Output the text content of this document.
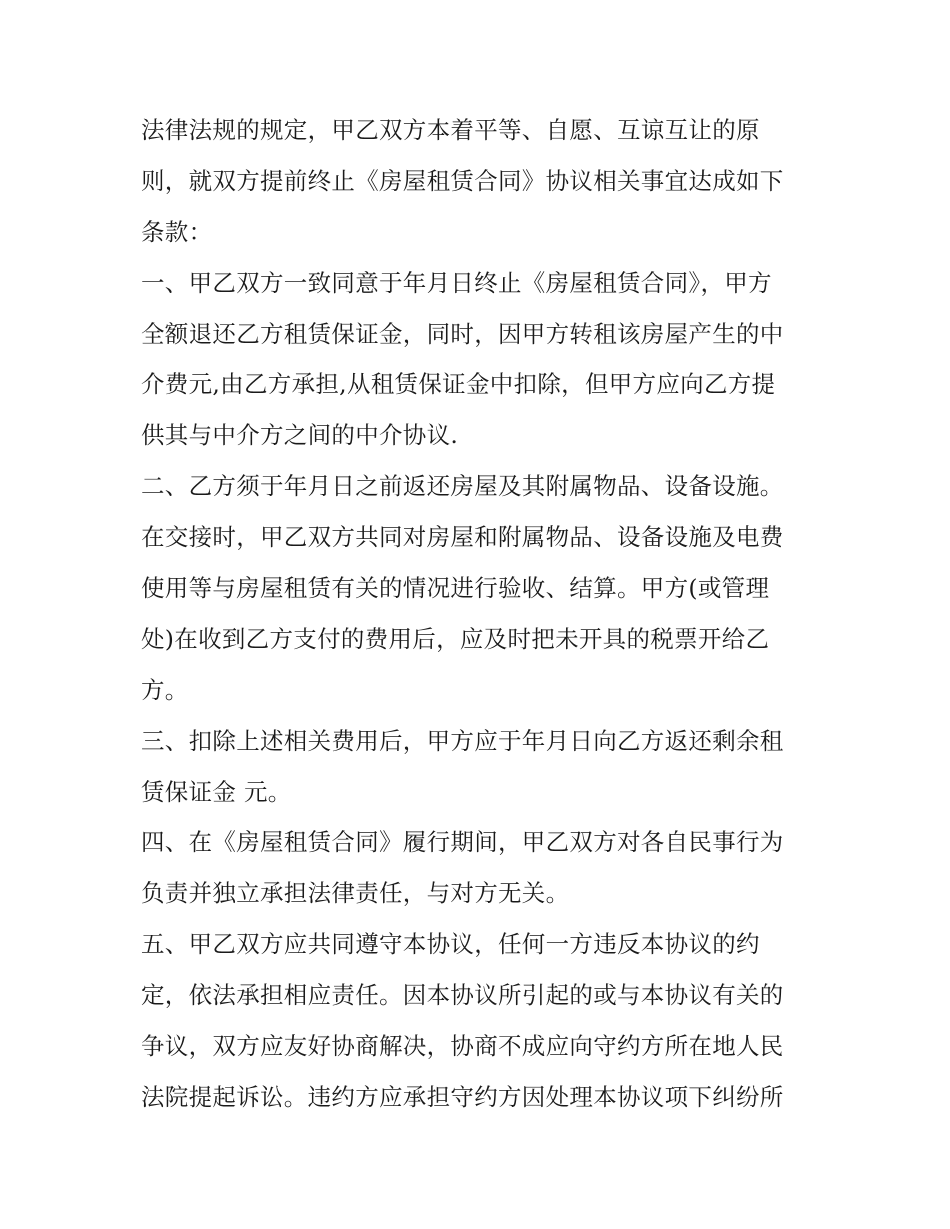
法律法规的规定，甲乙双方本着平等、自愿、互谅互让的原
则，就双方提前终止《房屋租赁合同》协议相关事宜达成如下
条款：
一、甲乙双方一致同意于年月日终止《房屋租赁合同》，甲方
全额退还乙方租赁保证金，同时，因甲方转租该房屋产生的中
介费元,由乙方承担,从租赁保证金中扣除，但甲方应向乙方提
供其与中介方之间的中介协议.
二、乙方须于年月日之前返还房屋及其附属物品、设备设施。
在交接时，甲乙双方共同对房屋和附属物品、设备设施及电费
使用等与房屋租赁有关的情况进行验收、结算。甲方(或管理
处)在收到乙方支付的费用后，应及时把未开具的税票开给乙
方。
三、扣除上述相关费用后，甲方应于年月日向乙方返还剩余租
赁保证金 元。
四、在《房屋租赁合同》履行期间，甲乙双方对各自民事行为
负责并独立承担法律责任，与对方无关。
五、甲乙双方应共同遵守本协议，任何一方违反本协议的约
定，依法承担相应责任。因本协议所引起的或与本协议有关的
争议，双方应友好协商解决，协商不成应向守约方所在地人民
法院提起诉讼。违约方应承担守约方因处理本协议项下纠纷所
